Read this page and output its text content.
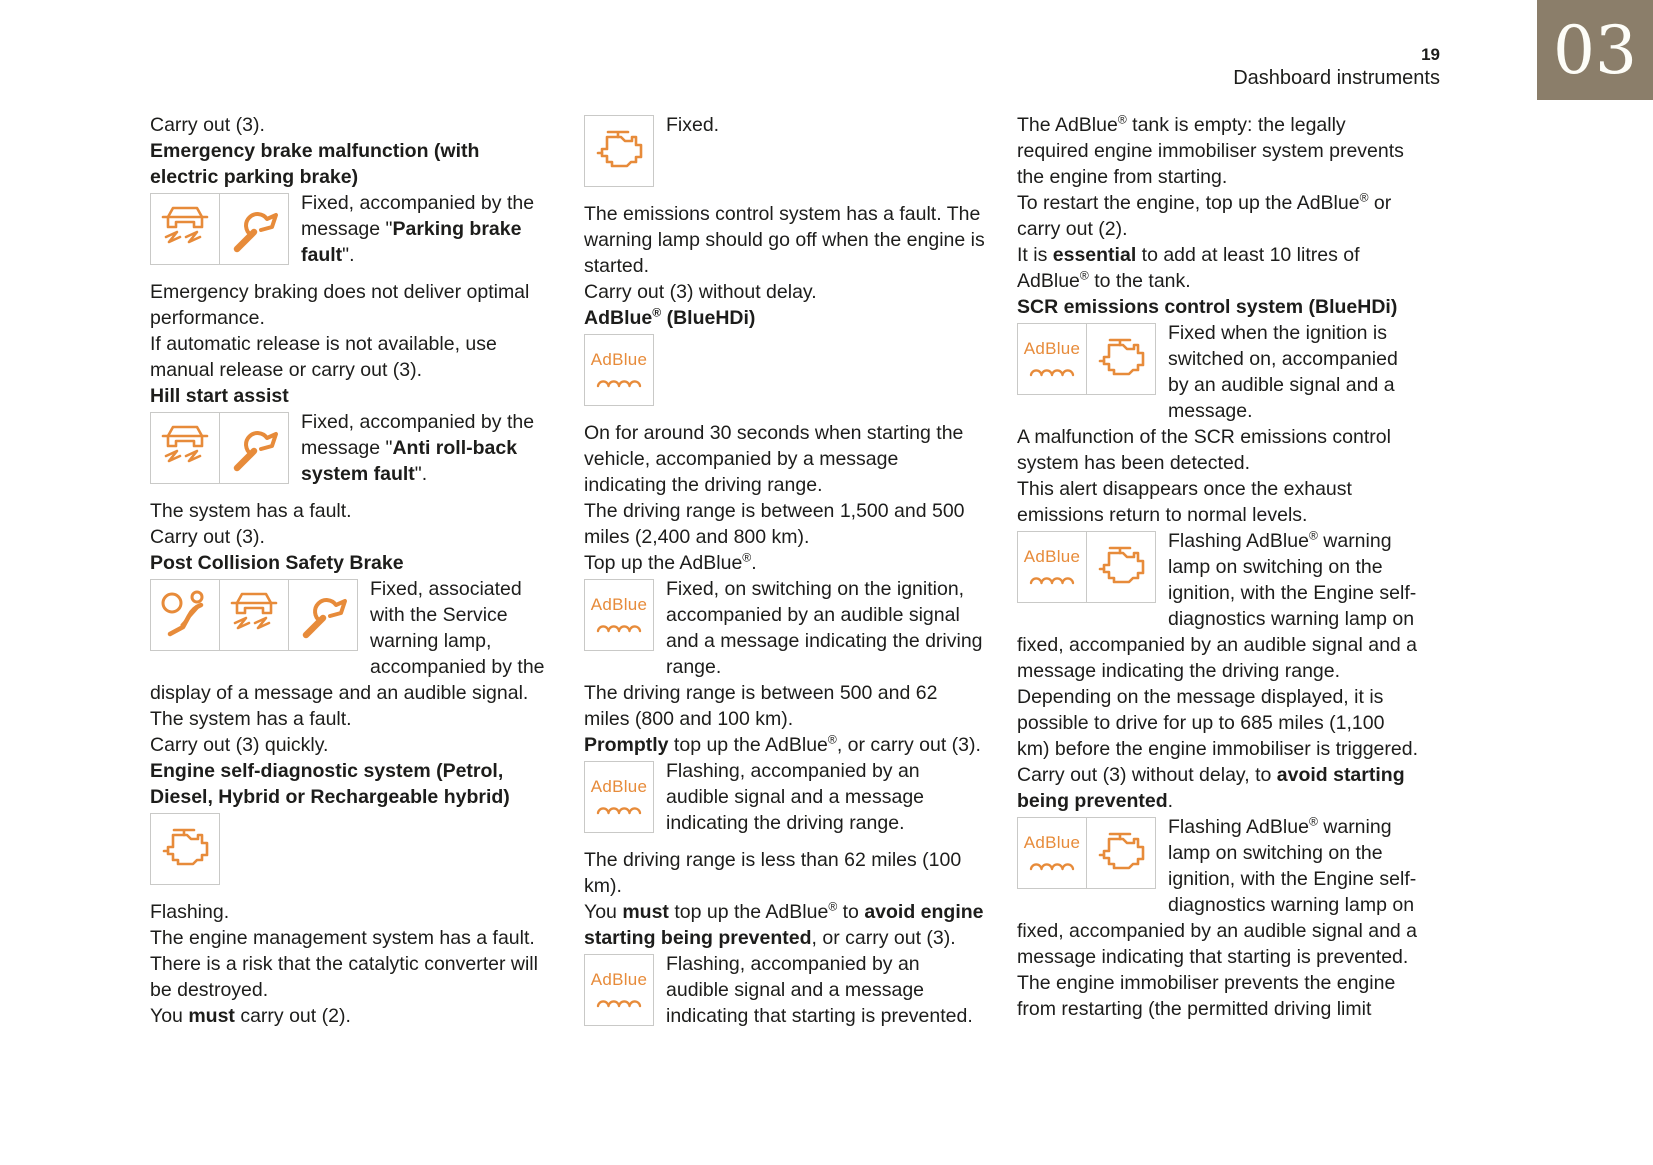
19
Dashboard instruments 03

Carry out (3).

Emergency brake malfunction (with electric parking brake)

Fixed, accompanied by the message "Parking brake fault".

Emergency braking does not deliver optimal performance.

If automatic release is not available, use manual release or carry out (3).

Hill start assist

Fixed, accompanied by the message "Anti roll-back system fault".

The system has a fault.

Carry out (3).

Post Collision Safety Brake

Fixed, associated with the Service warning lamp, accompanied by the display of a message and an audible signal.

The system has a fault.

Carry out (3) quickly.

Engine self-diagnostic system (Petrol, Diesel, Hybrid or Rechargeable hybrid)

Flashing.

The engine management system has a fault.

There is a risk that the catalytic converter will be destroyed.

You must carry out (2).

Fixed.

The emissions control system has a fault. The warning lamp should go off when the engine is started.

Carry out (3) without delay.

AdBlue® (BlueHDi)
AdBlue

On for around 30 seconds when starting the vehicle, accompanied by a message indicating the driving range.

The driving range is between 1,500 and 500 miles (2,400 and 800 km).

Top up the AdBlue®.

AdBlue

Fixed, on switching on the ignition, accompanied by an audible signal and a message indicating the driving range.

The driving range is between 500 and 62 miles (800 and 100 km).

Promptly top up the AdBlue®, or carry out (3).

AdBlue

Flashing, accompanied by an audible signal and a message indicating the driving range.

The driving range is less than 62 miles (100 km).

You must top up the AdBlue® to avoid engine starting being prevented, or carry out (3).

AdBlue

Flashing, accompanied by an audible signal and a message indicating that starting is prevented.

The AdBlue® tank is empty: the legally required engine immobiliser system prevents the engine from starting.

To restart the engine, top up the AdBlue® or carry out (2).

It is essential to add at least 10 litres of AdBlue® to the tank.

SCR emissions control system (BlueHDi)
AdBlue

Fixed when the ignition is switched on, accompanied by an audible signal and a message.

A malfunction of the SCR emissions control system has been detected.

This alert disappears once the exhaust emissions return to normal levels.

AdBlue

Flashing AdBlue® warning lamp on switching on the ignition, with the Engine self-diagnostics warning lamp on fixed, accompanied by an audible signal and a message indicating the driving range.

Depending on the message displayed, it is possible to drive for up to 685 miles (1,100 km) before the engine immobiliser is triggered.

Carry out (3) without delay, to avoid starting being prevented.

AdBlue

Flashing AdBlue® warning lamp on switching on the ignition, with the Engine self-diagnostics warning lamp on fixed, accompanied by an audible signal and a message indicating that starting is prevented.

The engine immobiliser prevents the engine from restarting (the permitted driving limit
